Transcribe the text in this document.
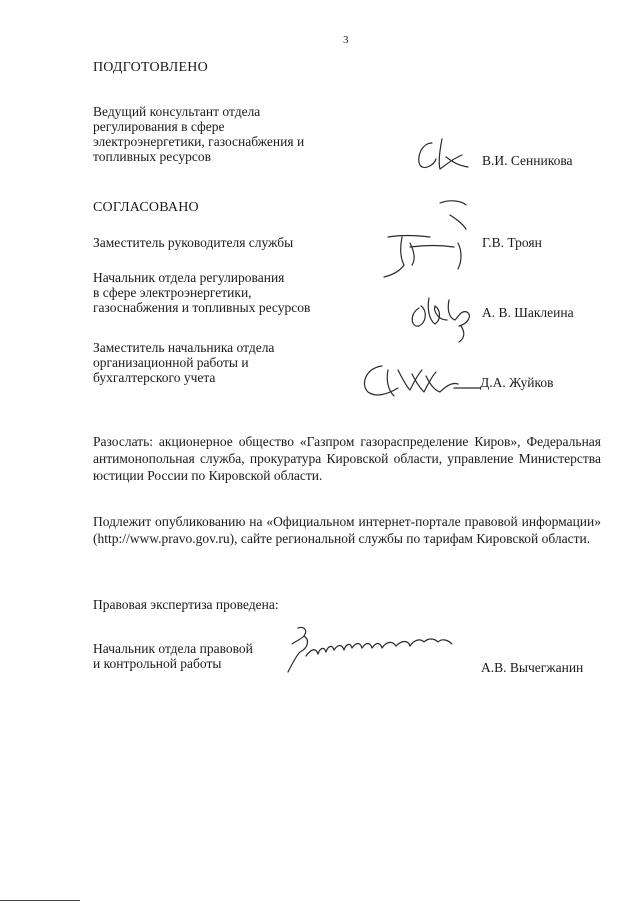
3
ПОДГОТОВЛЕНО
Ведущий консультант отдела
регулирования в сфере
электроэнергетики, газоснабжения и
топливных ресурсов	В.И. Сенникова
СОГЛАСОВАНО
Заместитель руководителя службы	Г.В. Троян
Начальник отдела регулирования
в сфере электроэнергетики,
газоснабжения и топливных ресурсов	А. В. Шаклеина
Заместитель начальника отдела
организационной работы и
бухгалтерского учета	Д.А. Жуйков
Разослать: акционерное общество «Газпром газораспределение Киров», Федеральная антимонопольная служба, прокуратура Кировской области, управление Министерства юстиции России по Кировской области.
Подлежит опубликованию на «Официальном интернет-портале правовой информации» (http://www.pravo.gov.ru), сайте региональной службы по тарифам Кировской области.
Правовая экспертиза проведена:
Начальник отдела правовой
и контрольной работы	А.В. Вычегжанин
